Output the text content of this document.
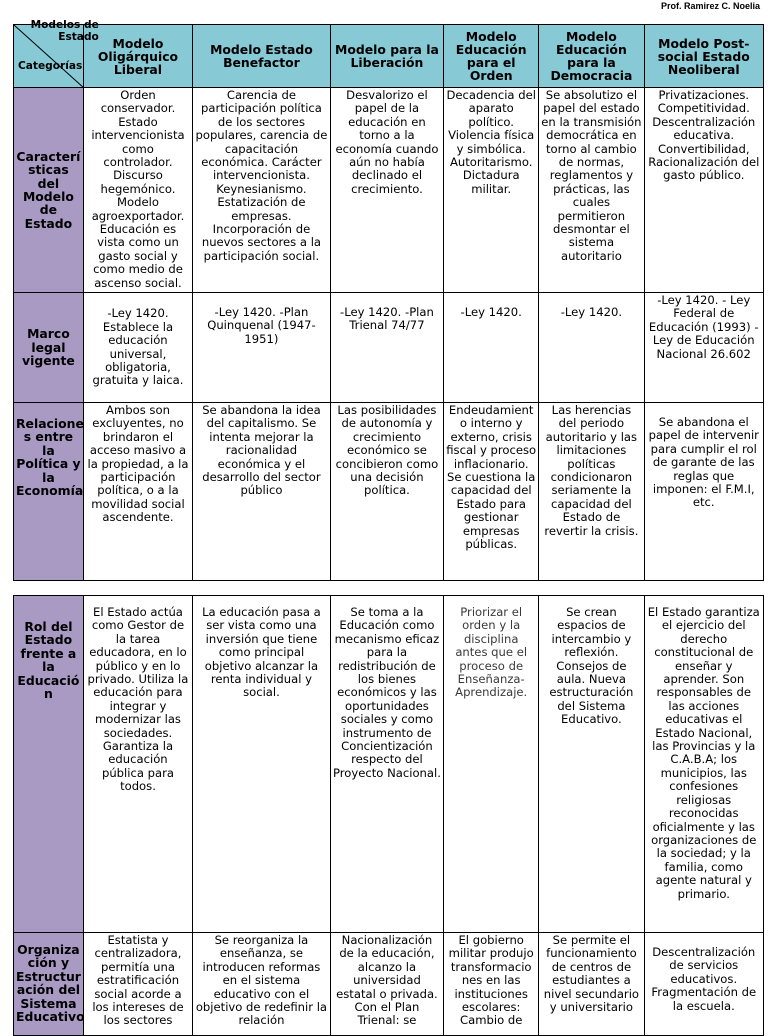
Prof. Ramirez C. Noelia
Modelos de Estado
Categorías	Modelo Oligárquico Liberal	Modelo Estado Benefactor	Modelo para la Liberación	Modelo Educación para el Orden	Modelo Educación para la Democracia	Modelo Post- social Estado Neoliberal
Caracterí sticas del Modelo de Estado	Orden conservador. Estado intervencionista como controlador. Discurso hegemónico. Modelo agroexportador. Educación es vista como un gasto social y como medio de ascenso social.	Carencia de participación política de los sectores populares, carencia de capacitación económica. Carácter intervencionista. Keynesianismo. Estatización de empresas. Incorporación de nuevos sectores a la participación social.	Desvalorizo el papel de la educación en torno a la economía cuando aún no había declinado el crecimiento.	Decadencia del aparato político. Violencia física y simbólica. Autoritarismo. Dictadura militar.	Se absolutizo el papel del estado en la transmisión democrática en torno al cambio de normas, reglamentos y prácticas, las cuales permitieron desmontar el sistema autoritario	Privatizaciones. Competitividad. Descentralización educativa. Convertibilidad, Racionalización del gasto público.
Marco legal vigente	-Ley 1420. Establece la educación universal, obligatoria, gratuita y laica.	-Ley 1420. -Plan Quinquenal (1947-1951)	-Ley 1420. -Plan Trienal 74/77	-Ley 1420.	-Ley 1420.	-Ley 1420. - Ley Federal de Educación (1993) - Ley de Educación Nacional 26.602
Relacione s entre la Política y la Economía	Ambos son excluyentes, no brindaron el acceso masivo a la propiedad, a la participación política, o a la movilidad social ascendente.	Se abandona la idea del capitalismo. Se intenta mejorar la racionalidad económica y el desarrollo del sector público	Las posibilidades de autonomía y crecimiento económico se concibieron como una decisión política.	Endeudamient o interno y externo, crisis fiscal y proceso inflacionario. Se cuestiona la capacidad del Estado para gestionar empresas públicas.	Las herencias del periodo autoritario y las limitaciones políticas condicionaron seriamente la capacidad del Estado de revertir la crisis.	Se abandona el papel de intervenir para cumplir el rol de garante de las reglas que imponen: el F.M.I, etc.
Rol del Estado frente a la Educació n	El Estado actúa como Gestor de la tarea educadora, en lo público y en lo privado. Utiliza la educación para integrar y modernizar las sociedades. Garantiza la educación pública para todos.	La educación pasa a ser vista como una inversión que tiene como principal objetivo alcanzar la renta individual y social.	Se toma a la Educación como mecanismo eficaz para la redistribución de los bienes económicos y las oportunidades sociales y como instrumento de Concientización respecto del Proyecto Nacional.	Priorizar el orden y la disciplina antes que el proceso de Enseñanza-Aprendizaje.	Se crean espacios de intercambio y reflexión. Consejos de aula. Nueva estructuración del Sistema Educativo.	El Estado garantiza el ejercicio del derecho constitucional de enseñar y aprender. Son responsables de las acciones educativas el Estado Nacional, las Provincias y la C.A.B.A; los municipios, las confesiones religiosas reconocidas oficialmente y las organizaciones de la sociedad; y la familia, como agente natural y primario.
Organiza ción y Estructur ación del Sistema Educativo	Estatista y centralizadora, permitía una estratificación social acorde a los intereses de los sectores	Se reorganiza la enseñanza, se introducen reformas en el sistema educativo con el objetivo de redefinir la relación	Nacionalización de la educación, alcanzo la universidad estatal o privada. Con el Plan Trienal: se	El gobierno militar produjo transformacio nes en las instituciones escolares: Cambio de	Se permite el funcionamiento de centros de estudiantes a nivel secundario y universitario	Descentralización de servicios educativos. Fragmentación de la escuela.
